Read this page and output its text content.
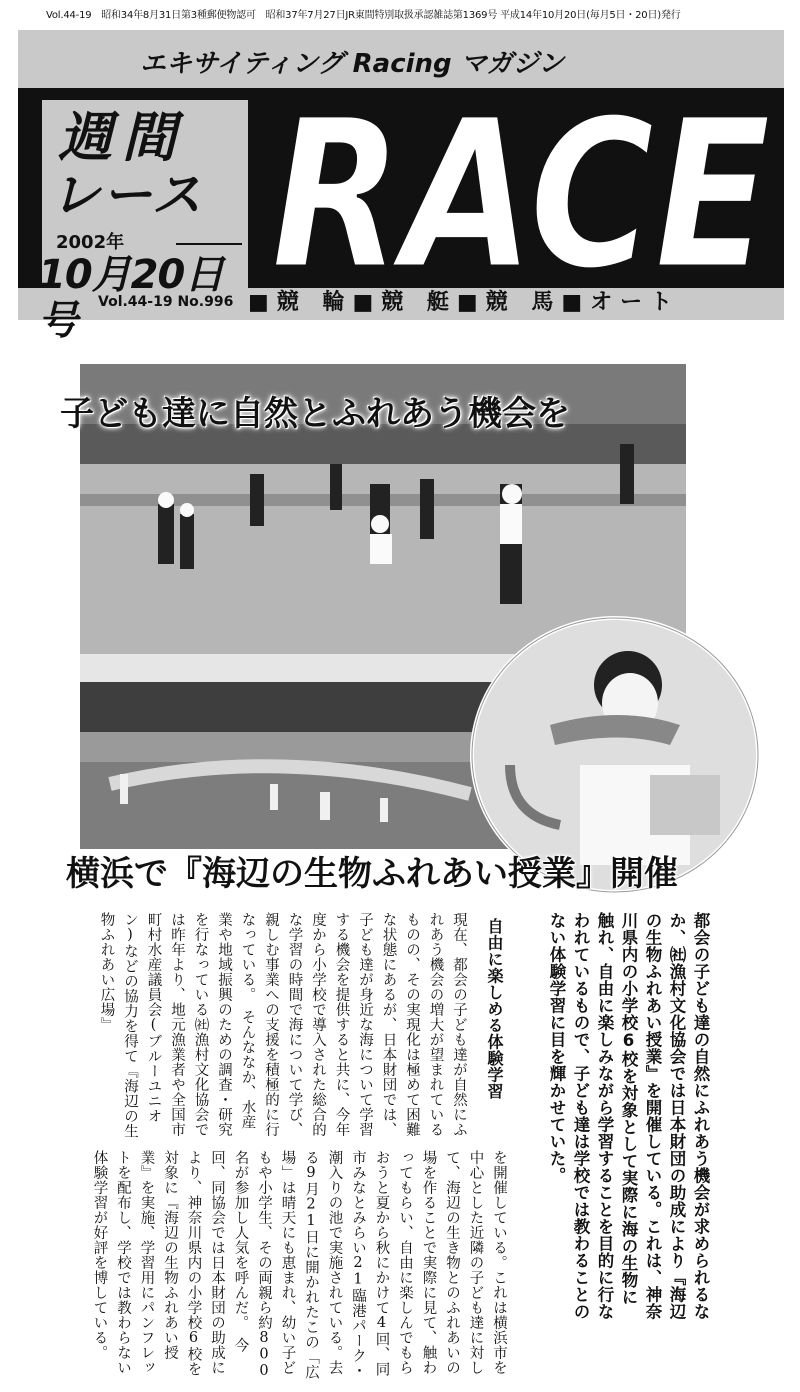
Vol.44-19　昭和34年8月31日第3種郵便物認可　昭和37年7月27日JR東間特別取扱承認雑誌第1369号 平成14年10月20日(毎月5日・20日)発行
エキサイティング Racing マガジン
週間
レース
2002年
10月20日号	Vol.44-19 No.996 RACE
■競 輪■競 艇■競 馬■オート
子ども達に自然とふれあう機会を
横浜で『海辺の生物ふれあい授業』開催
都会の子ども達の自然にふれあう機会が求められるなか、㈳漁村文化協会では日本財団の助成により『海辺の生物ふれあい授業』を開催している。これは、神奈川県内の小学校6校を対象として実際に海の生物に触れ、自由に楽しみながら学習することを目的に行なわれているもので、子ども達は学校では教わることのない体験学習に目を輝かせていた。
自由に楽しめる体験学習
現在、都会の子ども達が自然にふれあう機会の増大が望まれているものの、その実現化は極めて困難な状態にあるが、日本財団では、子ども達が身近な海について学習する機会を提供すると共に、今年度から小学校で導入された総合的な学習の時間で海について学び、親しむ事業への支援を積極的に行なっている。　そんななか、水産業や地域振興のための調査・研究を行なっている㈳漁村文化協会では昨年より、地元漁業者や全国市町村水産議員会(ブルーユニオン)などの協力を得て『海辺の生物ふれあい広場』
を開催している。これは横浜市を中心とした近隣の子ども達に対して、海辺の生き物とのふれあいの場を作ることで実際に見て、触わってもらい、自由に楽しんでもらおうと夏から秋にかけて4回、同市みなとみらい21臨港パーク・潮入りの池で実施されている。去る9月21日に開かれたこの「広場」は晴天にも恵まれ、幼い子どもや小学生、その両親ら約800名が参加し人気を呼んだ。　今回、同協会では日本財団の助成により、神奈川県内の小学校6校を対象に『海辺の生物ふれあい授業』を実施、学習用にパンフレットを配布し、学校では教わらない体験学習が好評を博している。
